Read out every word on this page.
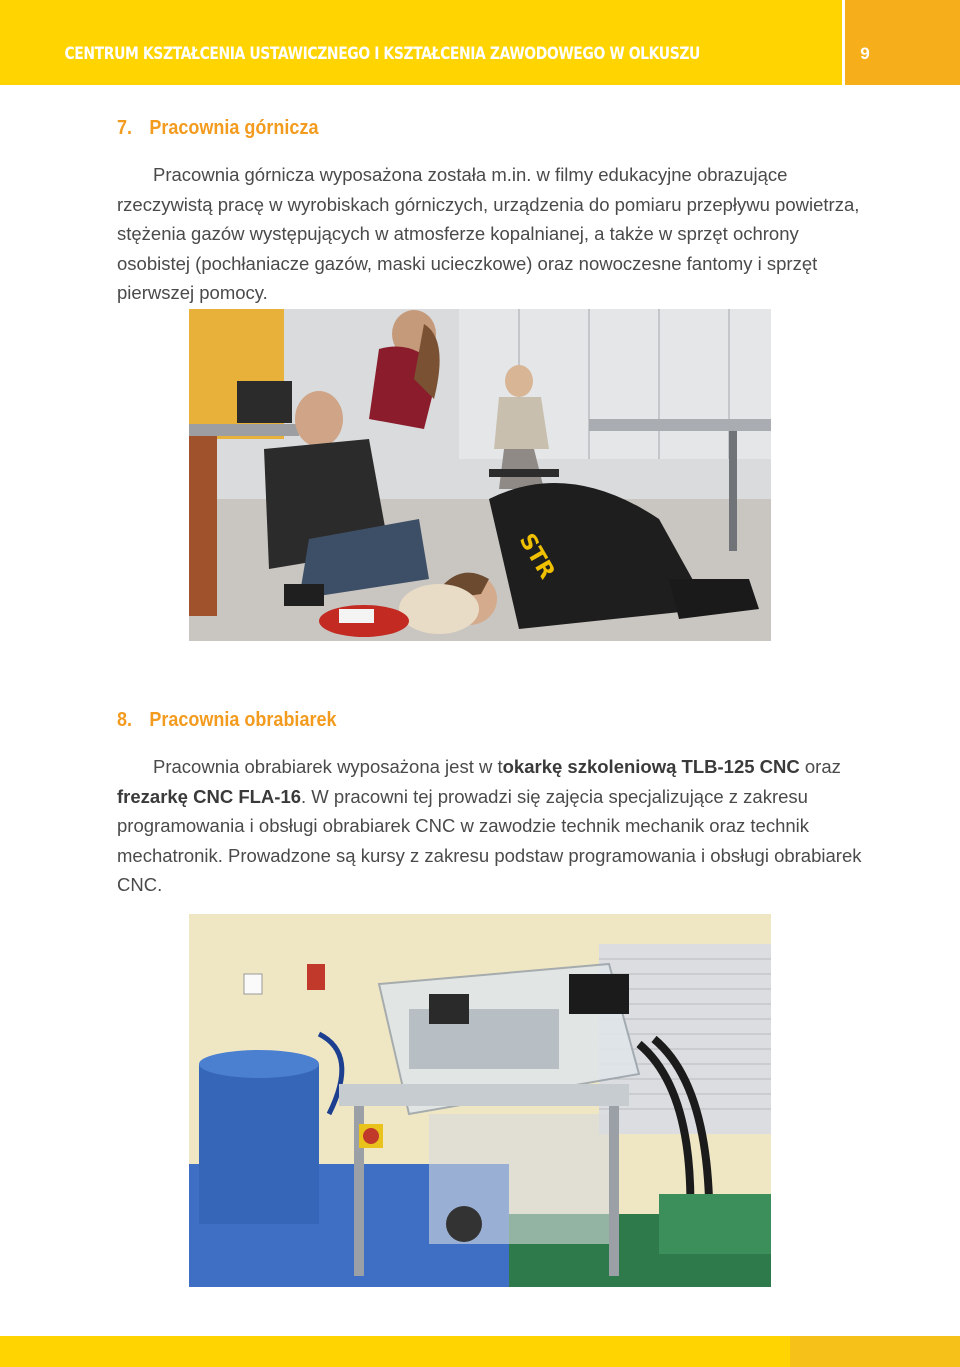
CENTRUM KSZTAŁCENIA USTAWICZNEGO I KSZTAŁCENIA ZAWODOWEGO W OLKUSZU	9
7. Pracownia górnicza

Pracownia górnicza wyposażona została m.in. w filmy edukacyjne obrazujące rzeczywistą pracę w wyrobiskach górniczych, urządzenia do pomiaru przepływu powietrza, stężenia gazów występujących w atmosferze kopalnianej, a także w sprzęt ochrony osobistej (pochłaniacze gazów, maski ucieczkowe) oraz nowoczesne fantomy i sprzęt pierwszej pomocy.

STR
8. Pracownia obrabiarek

Pracownia obrabiarek wyposażona jest w tokarkę szkoleniową TLB-125 CNC oraz frezarkę CNC FLA-16. W pracowni tej prowadzi się zajęcia specjalizujące z zakresu programowania i obsługi obrabiarek CNC w zawodzie technik mechanik oraz technik mechatronik. Prowadzone są kursy z zakresu podstaw programowania i obsługi obrabiarek CNC.
